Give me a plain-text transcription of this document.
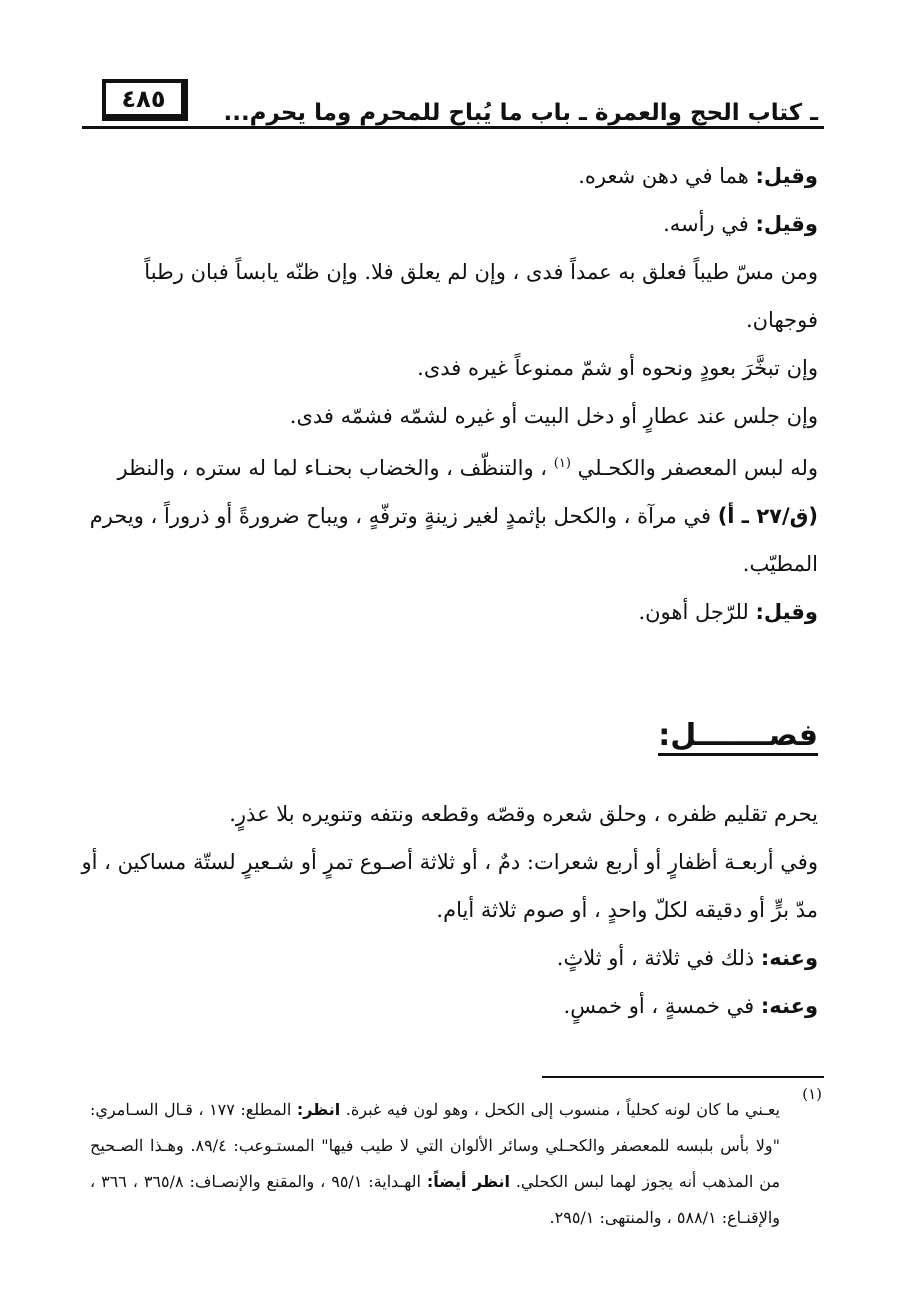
٤٨٥
ـ كتاب الحج والعمرة ـ باب ما يُباح للمحرم وما يحرم...

وقيل: هما في دهن شعره.

وقيل: في رأسه.

ومن مسّ طيباً فعلق به عمداً فدى ، وإن لم يعلق فلا. وإن ظنّه يابساً فبان رطباً فوجهان.

وإن تبخَّرَ بعودٍ ونحوه أو شمّ ممنوعاً غيره فدى.

وإن جلس عند عطارٍ أو دخل البيت أو غيره لشمّه فشمّه فدى.

وله لبس المعصفر والكحـلي $^{(١)}$ ، والتنظّف ، والخضاب بحنـاء لما له ستره ، والنظر (ق/٢٧ ـ أ) في مرآة ، والكحل بإثمدٍ لغير زينةٍ وترفّهٍ ، ويباح ضرورةً أو ذروراً ، ويحرم المطيّب.

وقيل: للرّجل أهون.

فصـــــــل:

يحرم تقليم ظفره ، وحلق شعره وقصّه وقطعه ونتفه وتنويره بلا عذرٍ.

وفي أربعـة أظفارٍ أو أربع شعرات: دمٌ ، أو ثلاثة أصـوع تمرٍ أو شـعيرٍ لستّة مساكين ، أو مدّ برٍّ أو دقيقه لكلّ واحدٍ ، أو صوم ثلاثة أيام.

وعنه: ذلك في ثلاثة ، أو ثلاثٍ.

وعنه: في خمسةٍ ، أو خمسٍ.

(١)
يعـني ما كان لونه كحلياً ، منسوب إلى الكحل ، وهو لون فيه غبرة. انظر: المطلع: ١٧٧ ، قـال السـامري: "ولا بأس بلبسه للمعصفر والكحـلي وسائر الألوان التي لا طيب فيها" المستـوعب: ٨٩/٤. وهـذا الصـحيح من المذهب أنه يجوز لهما لبس الكحلي. انظر أيضاً: الهـداية: ٩٥/١ ، والمقنع والإنصـاف: ٣٦٥/٨ ، ٣٦٦ ، والإقنـاع: ٥٨٨/١ ، والمنتهى: ٢٩٥/١.
